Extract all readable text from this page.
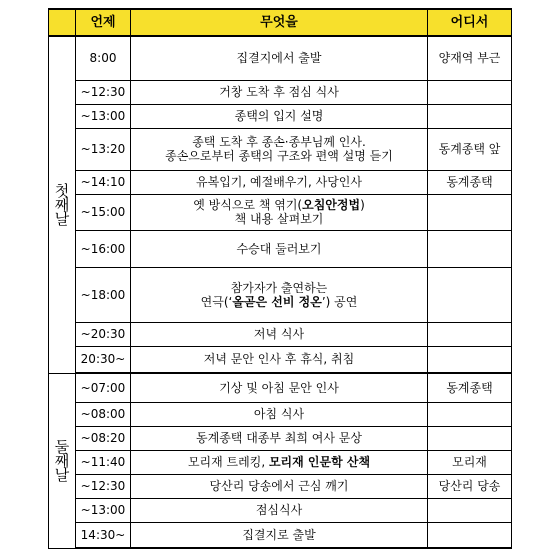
	언제	무엇을	어디서

첫
째
날	8:00	집결지에서 출발	양재역 부근
	~12:30	거창 도착 후 점심 식사	
	~13:00	종택의 입지 설명	
	~13:20	종택 도착 후 종손·종부님께 인사.
종손으로부터 종택의 구조와 편액 설명 듣기	동계종택 앞
	~14:10	유복입기, 예절배우기, 사당인사	동계종택
	~15:00	옛 방식으로 책 엮기(오침안정법)
책 내용 살펴보기	

	~16:00	수승대 둘러보기	
	~18:00	참가자가 출연하는
연극(‘올곧은 선비 정온’) 공연	

	~20:30	저녁 식사	
	20:30~	저녁 문안 인사 후 휴식, 취침	

둘
째
날	~07:00	기상 및 아침 문안 인사	동계종택
	~08:00	아침 식사	
	~08:20	동계종택 대종부 최희 여사 문상	
	~11:40	모리재 트레킹, 모리재 인문학 산책	모리재
	~12:30	당산리 당송에서 근심 깨기	당산리 당송
	~13:00	점심식사	
	14:30~	집결지로 출발	
